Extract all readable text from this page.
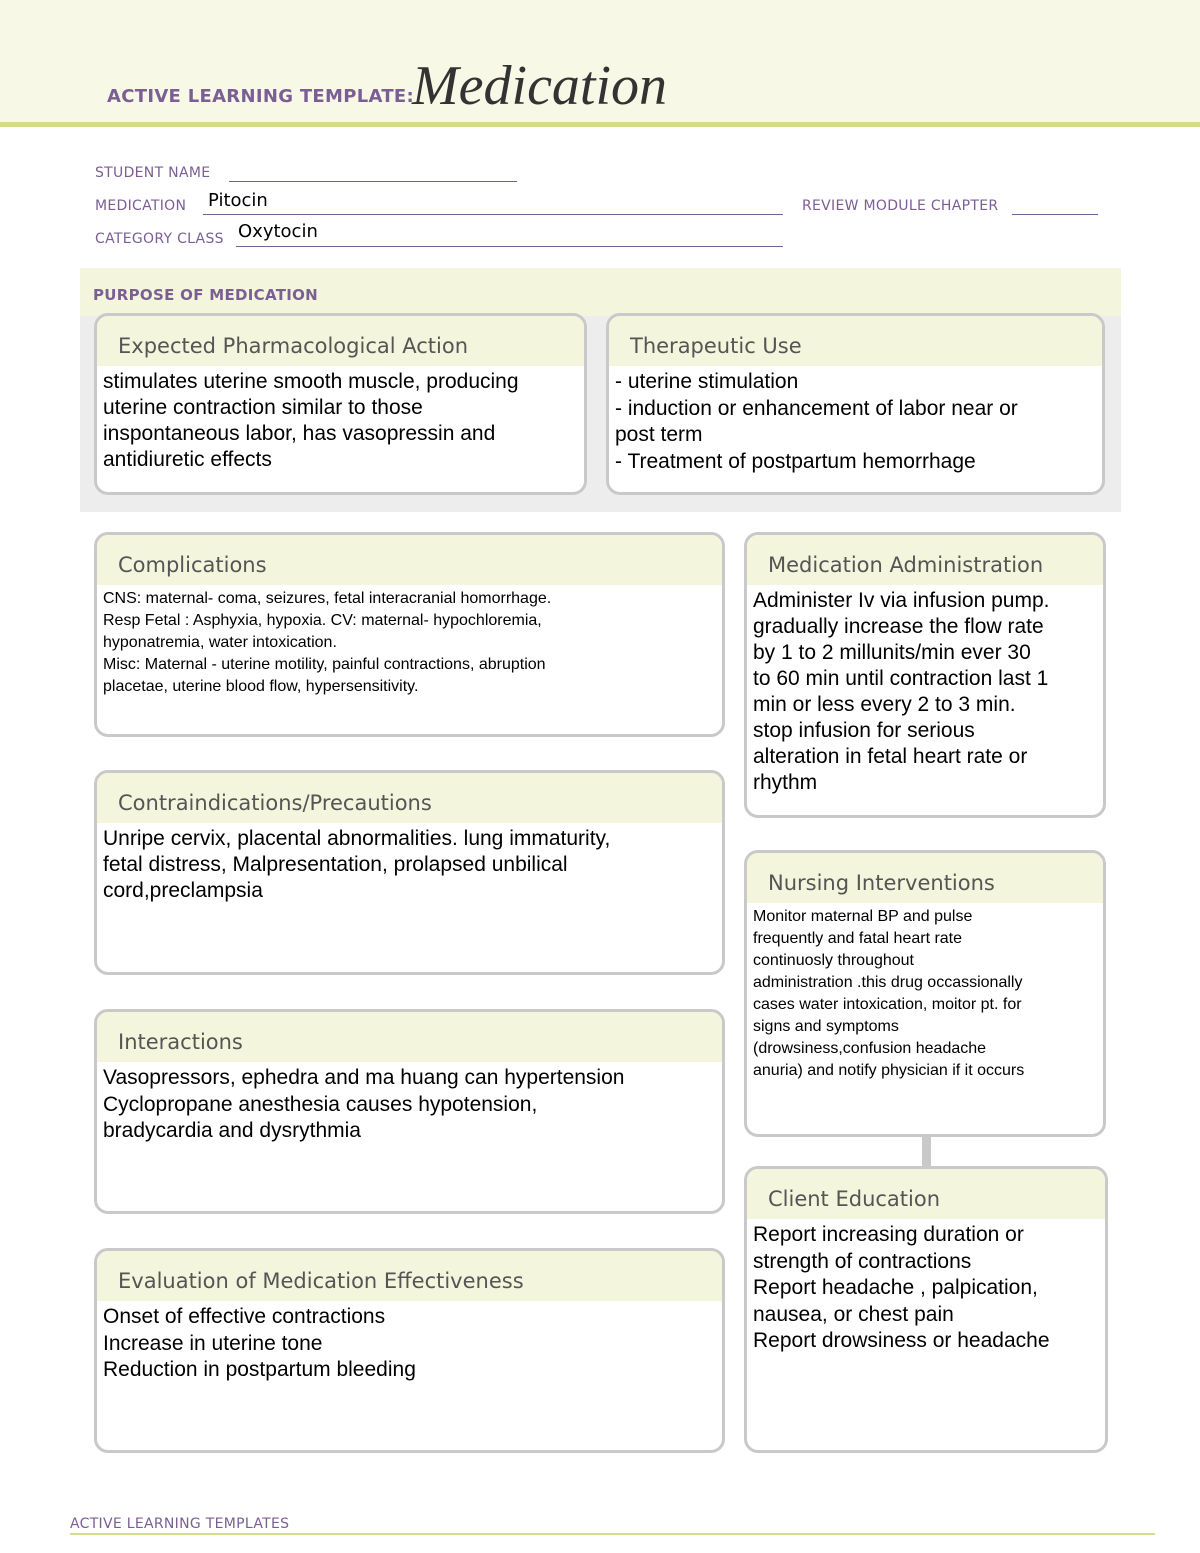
ACTIVE LEARNING TEMPLATE:
Medication
STUDENT NAME
MEDICATION Pitocin	REVIEW MODULE CHAPTER
CATEGORY CLASS Oxytocin
PURPOSE OF MEDICATION
Expected Pharmacological Action
stimulates uterine smooth muscle, producing
uterine contraction similar to those
inspontaneous labor, has vasopressin and
antidiuretic effects
Therapeutic Use
- uterine stimulation
- induction or enhancement of labor near or
post term
- Treatment of postpartum hemorrhage
Complications
CNS: maternal- coma, seizures, fetal interacranial homorrhage.
Resp Fetal : Asphyxia, hypoxia. CV: maternal- hypochloremia,
hyponatremia, water intoxication.
Misc: Maternal - uterine motility, painful contractions, abruption
placetae, uterine blood flow, hypersensitivity.
Contraindications/Precautions
Unripe cervix, placental abnormalities. lung immaturity,
fetal distress, Malpresentation, prolapsed unbilical
cord,preclampsia
Interactions
Vasopressors, ephedra and ma huang can hypertension
Cyclopropane anesthesia causes hypotension,
bradycardia and dysrythmia
Evaluation of Medication Effectiveness
Onset of effective contractions
Increase in uterine tone
Reduction in postpartum bleeding
Medication Administration
Administer Iv via infusion pump.
gradually increase the flow rate
by 1 to 2 millunits/min ever 30
to 60 min until contraction last 1
min or less every 2 to 3 min.
stop infusion for serious
alteration in fetal heart rate or
rhythm
Nursing Interventions
Monitor maternal BP and pulse
frequently and fatal heart rate
continuosly throughout
administration .this drug occassionally
cases water intoxication, moitor pt. for
signs and symptoms
(drowsiness,confusion headache
anuria) and notify physician if it occurs
Client Education
Report increasing duration or
strength of contractions
Report headache , palpication,
nausea, or chest pain
Report drowsiness or headache
ACTIVE LEARNING TEMPLATES
